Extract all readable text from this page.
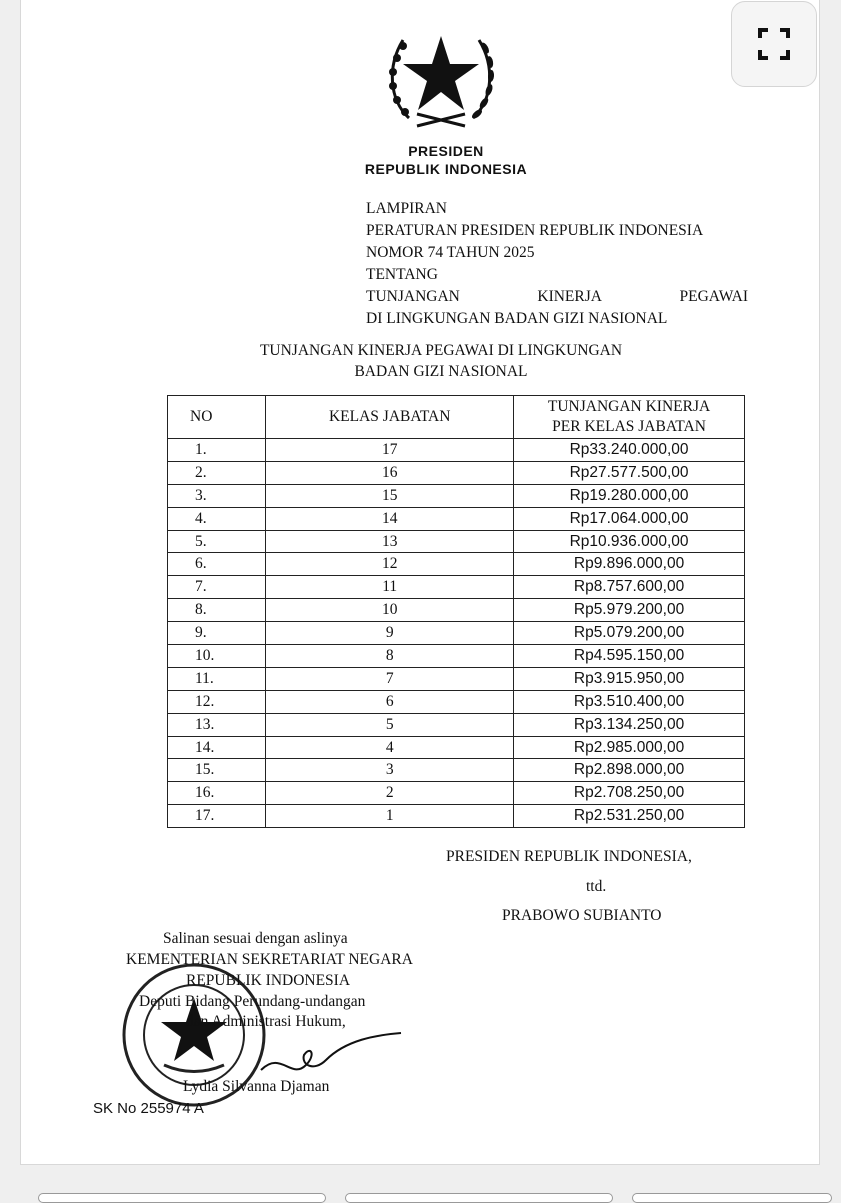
PRESIDEN
REPUBLIK INDONESIA
LAMPIRAN
PERATURAN PRESIDEN REPUBLIK INDONESIA
NOMOR 74 TAHUN 2025
TENTANG
TUNJANGAN	KINERJA	PEGAWAI
DI LINGKUNGAN BADAN GIZI NASIONAL
TUNJANGAN KINERJA PEGAWAI DI LINGKUNGAN
BADAN GIZI NASIONAL
NO	KELAS JABATAN	TUNJANGAN KINERJA
PER KELAS JABATAN

1.	17	Rp33.240.000,00
2.	16	Rp27.577.500,00
3.	15	Rp19.280.000,00
4.	14	Rp17.064.000,00
5.	13	Rp10.936.000,00
6.	12	Rp9.896.000,00
7.	11	Rp8.757.600,00
8.	10	Rp5.979.200,00
9.	9	Rp5.079.200,00
10.	8	Rp4.595.150,00
11.	7	Rp3.915.950,00
12.	6	Rp3.510.400,00
13.	5	Rp3.134.250,00
14.	4	Rp2.985.000,00
15.	3	Rp2.898.000,00
16.	2	Rp2.708.250,00
17.	1	Rp2.531.250,00
PRESIDEN REPUBLIK INDONESIA,
ttd.
PRABOWO SUBIANTO
Salinan sesuai dengan aslinya
KEMENTERIAN SEKRETARIAT NEGARA
REPUBLIK INDONESIA
Deputi Bidang Perundang-undangan
dan Administrasi Hukum,
Lydia Silvanna Djaman
SK No 255974 A
